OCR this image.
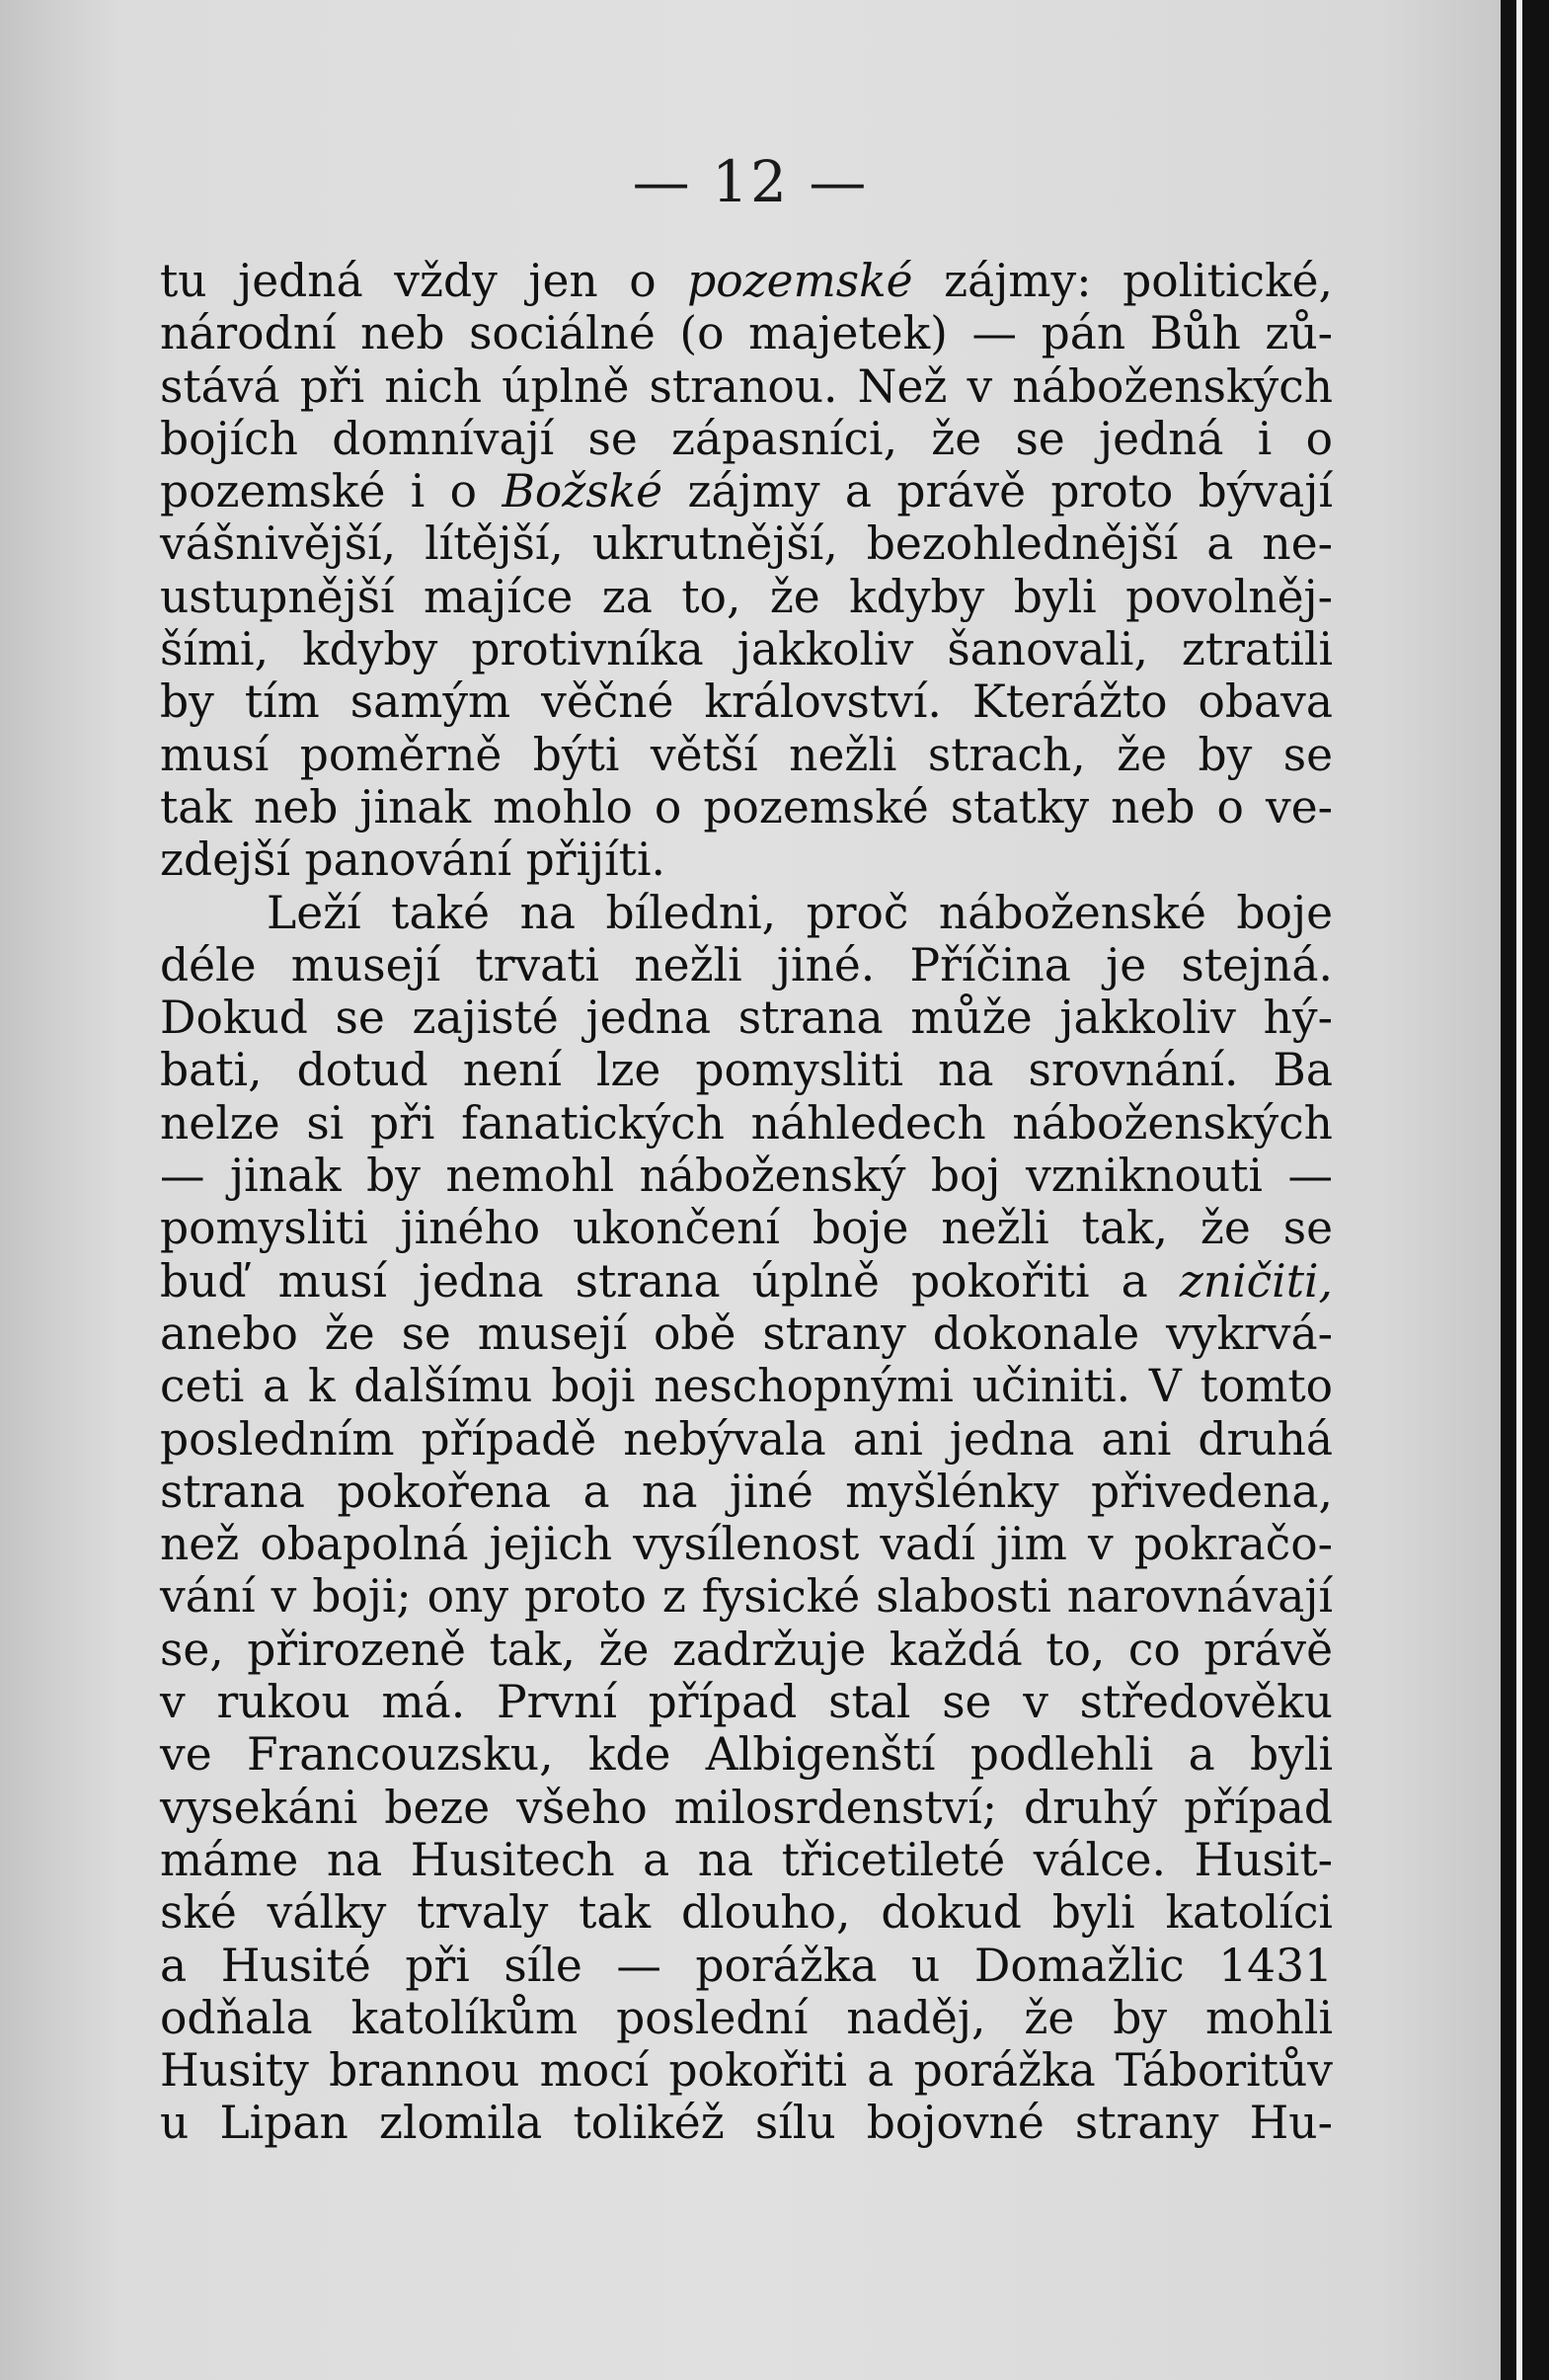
— 12 —
tu jedná vždy jen o pozemské zájmy: politické,
národní neb sociálné (o majetek) — pán Bůh zů-
stává při nich úplně stranou. Než v náboženských
bojích domnívají se zápasníci, že se jedná i o
pozemské i o Božské zájmy a právě proto bývají
vášnivější, lítější, ukrutnější, bezohlednější a ne-
ustupnější majíce za to, že kdyby byli povolněj-
šími, kdyby protivníka jakkoliv šanovali, ztratili
by tím samým věčné království. Kterážto obava
musí poměrně býti větší nežli strach, že by se
tak neb jinak mohlo o pozemské statky neb o ve-
zdejší panování přijíti.
Leží také na bíledni, proč náboženské boje
déle musejí trvati nežli jiné. Příčina je stejná.
Dokud se zajisté jedna strana může jakkoliv hý-
bati, dotud není lze pomysliti na srovnání. Ba
nelze si při fanatických náhledech náboženských
— jinak by nemohl náboženský boj vzniknouti —
pomysliti jiného ukončení boje nežli tak, že se
buď musí jedna strana úplně pokořiti a zničiti,
anebo že se musejí obě strany dokonale vykrvá-
ceti a k dalšímu boji neschopnými učiniti. V tomto
posledním případě nebývala ani jedna ani druhá
strana pokořena a na jiné myšlénky přivedena,
než obapolná jejich vysílenost vadí jim v pokračo-
vání v boji; ony proto z fysické slabosti narovnávají
se, přirozeně tak, že zadržuje každá to, co právě
v rukou má. První případ stal se v středověku
ve Francouzsku, kde Albigenští podlehli a byli
vysekáni beze všeho milosrdenství; druhý případ
máme na Husitech a na třicetileté válce. Husit-
ské války trvaly tak dlouho, dokud byli katolíci
a Husité při síle — porážka u Domažlic 1431
odňala katolíkům poslední naděj, že by mohli
Husity brannou mocí pokořiti a porážka Táboritův
u Lipan zlomila tolikéž sílu bojovné strany Hu-
